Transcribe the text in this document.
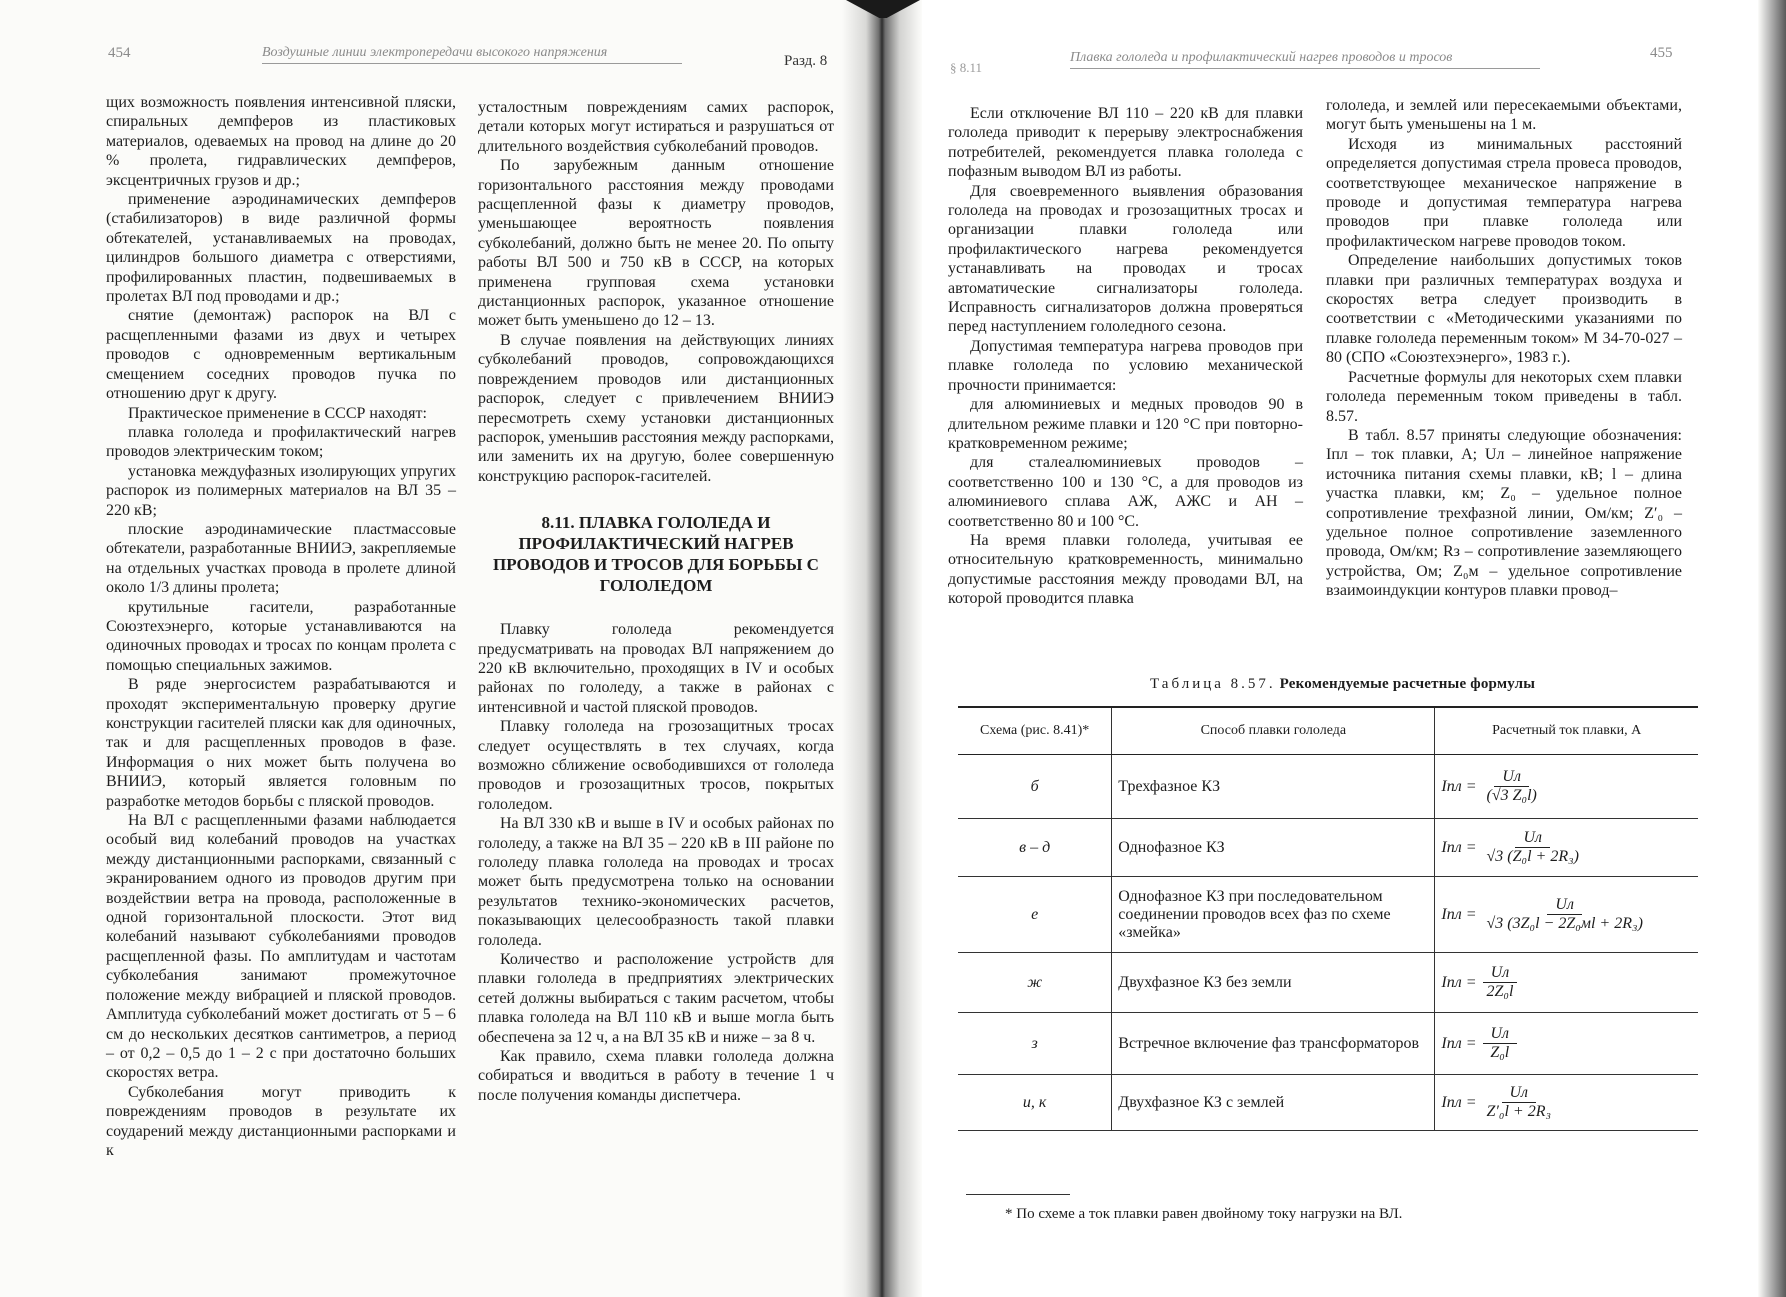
454	Воздушные линии электропередачи высокого напряжения
Разд. 8

щих возможность появления интенсивной пляски, спиральных демпферов из пластиковых материалов, одеваемых на провод на длине до 20 % пролета, гидравлических демпферов, эксцентричных грузов и др.;

применение аэродинамических демпферов (стабилизаторов) в виде различной формы обтекателей, устанавливаемых на проводах, цилиндров большого диаметра с отверстиями, профилированных пластин, подвешиваемых в пролетах ВЛ под проводами и др.;

снятие (демонтаж) распорок на ВЛ с расщепленными фазами из двух и четырех проводов с одновременным вертикальным смещением соседних проводов пучка по отношению друг к другу.

Практическое применение в СССР находят:

плавка гололеда и профилактический нагрев проводов электрическим током;

установка междуфазных изолирующих упругих распорок из полимерных материалов на ВЛ 35 – 220 кВ;

плоские аэродинамические пластмассовые обтекатели, разработанные ВНИИЭ, закрепляемые на отдельных участках провода в пролете длиной около 1/3 длины пролета;

крутильные гасители, разработанные Союзтехэнерго, которые устанавливаются на одиночных проводах и тросах по концам пролета с помощью специальных зажимов.

В ряде энергосистем разрабатываются и проходят экспериментальную проверку другие конструкции гасителей пляски как для одиночных, так и для расщепленных проводов в фазе. Информация о них может быть получена во ВНИИЭ, который является головным по разработке методов борьбы с пляской проводов.

На ВЛ с расщепленными фазами наблюдается особый вид колебаний проводов на участках между дистанционными распорками, связанный с экранированием одного из проводов другим при воздействии ветра на провода, расположенные в одной горизонтальной плоскости. Этот вид колебаний называют субколебаниями проводов расщепленной фазы. По амплитудам и частотам субколебания занимают промежуточное положение между вибрацией и пляской проводов. Амплитуда субколебаний может достигать от 5 – 6 см до нескольких десятков сантиметров, а период – от 0,2 – 0,5 до 1 – 2 с при достаточно больших скоростях ветра.

Субколебания могут приводить к повреждениям проводов в результате их соударений между дистанционными распорками и к

усталостным повреждениям самих распорок, детали которых могут истираться и разрушаться от длительного воздействия субколебаний проводов.

По зарубежным данным отношение горизонтального расстояния между проводами расщепленной фазы к диаметру проводов, уменьшающее вероятность появления субколебаний, должно быть не менее 20. По опыту работы ВЛ 500 и 750 кВ в СССР, на которых применена групповая схема установки дистанционных распорок, указанное отношение может быть уменьшено до 12 – 13.

В случае появления на действующих линиях субколебаний проводов, сопровождающихся повреждением проводов или дистанционных распорок, следует с привлечением ВНИИЭ пересмотреть схему установки дистанционных распорок, уменьшив расстояния между распорками, или заменить их на другую, более совершенную конструкцию распорок-гасителей.

8.11. ПЛАВКА ГОЛОЛЕДА И ПРОФИЛАКТИЧЕСКИЙ НАГРЕВ ПРОВОДОВ И ТРОСОВ ДЛЯ БОРЬБЫ С ГОЛОЛЕДОМ

Плавку гололеда рекомендуется предусматривать на проводах ВЛ напряжением до 220 кВ включительно, проходящих в IV и особых районах по гололеду, а также в районах с интенсивной и частой пляской проводов.

Плавку гололеда на грозозащитных тросах следует осуществлять в тех случаях, когда возможно сближение освободившихся от гололеда проводов и грозозащитных тросов, покрытых гололедом.

На ВЛ 330 кВ и выше в IV и особых районах по гололеду, а также на ВЛ 35 – 220 кВ в III районе по гололеду плавка гололеда на проводах и тросах может быть предусмотрена только на основании результатов технико-экономических расчетов, показывающих целесообразность такой плавки гололеда.

Количество и расположение устройств для плавки гололеда в предприятиях электрических сетей должны выбираться с таким расчетом, чтобы плавка гололеда на ВЛ 110 кВ и выше могла быть обеспечена за 12 ч, а на ВЛ 35 кВ и ниже – за 8 ч.

Как правило, схема плавки гололеда должна собираться и вводиться в работу в течение 1 ч после получения команды диспетчера.

§ 8.11
Плавка гололеда и профилактический нагрев проводов и тросов	455

Если отключение ВЛ 110 – 220 кВ для плавки гололеда приводит к перерыву электроснабжения потребителей, рекомендуется плавка гололеда с пофазным выводом ВЛ из работы.

Для своевременного выявления образования гололеда на проводах и грозозащитных тросах и организации плавки гололеда или профилактического нагрева рекомендуется устанавливать на проводах и тросах автоматические сигнализаторы гололеда. Исправность сигнализаторов должна проверяться перед наступлением гололедного сезона.

Допустимая температура нагрева проводов при плавке гололеда по условию механической прочности принимается:

для алюминиевых и медных проводов 90 в длительном режиме плавки и 120 °C при повторно-кратковременном режиме;

для сталеалюминиевых проводов – соответственно 100 и 130 °C, а для проводов из алюминиевого сплава АЖ, АЖС и АН – соответственно 80 и 100 °C.

На время плавки гололеда, учитывая ее относительную кратковременность, минимально допустимые расстояния между проводами ВЛ, на которой проводится плавка

гололеда, и землей или пересекаемыми объектами, могут быть уменьшены на 1 м.

Исходя из минимальных расстояний определяется допустимая стрела провеса проводов, соответствующее механическое напряжение в проводе и допустимая температура нагрева проводов при плавке гололеда или профилактическом нагреве проводов током.

Определение наибольших допустимых токов плавки при различных температурах воздуха и скоростях ветра следует производить в соответствии с «Методическими указаниями по плавке гололеда переменным током» М 34-70-027 – 80 (СПО «Союзтехэнерго», 1983 г.).

Расчетные формулы для некоторых схем плавки гололеда переменным током приведены в табл. 8.57.

В табл. 8.57 приняты следующие обозначения: Iпл – ток плавки, А; Uл – линейное напряжение источника питания схемы плавки, кВ; l – длина участка плавки, км; Z₀ – удельное полное сопротивление трехфазной линии, Ом/км; Z′₀ – удельное полное сопротивление заземленного провода, Ом/км; Rз – сопротивление заземляющего устройства, Ом; Z₀м – удельное сопротивление взаимоиндукции контуров плавки провод–

Таблица 8.57. Рекомендуемые расчетные формулы
Схема (рис. 8.41)*	Способ плавки гололеда	Расчетный ток плавки, А
б	Трехфазное КЗ	Iпл = $\frac{Uл}{\text{(√3 Z₀l)}}$

в – д	Однофазное КЗ	Iпл = $\frac{Uл}{\text{√3 (Z₀l + 2R₃)}}$

е	Однофазное КЗ при последовательном соединении проводов всех фаз по схеме «змейка»	Iпл = $\frac{Uл}{\text{√3 (3Z₀l − 2Z₀мl + 2R₃)}}$

ж	Двухфазное КЗ без земли	Iпл = $\frac{Uл}{\text{2Z₀l}}$

з	Встречное включение фаз трансформаторов	Iпл = $\frac{Uл}{\text{Z₀l}}$

и, к	Двухфазное КЗ с землей	Iпл = $\frac{Uл}{\text{Z′₀l + 2R₃}}$
* По схеме а ток плавки равен двойному току нагрузки на ВЛ.
